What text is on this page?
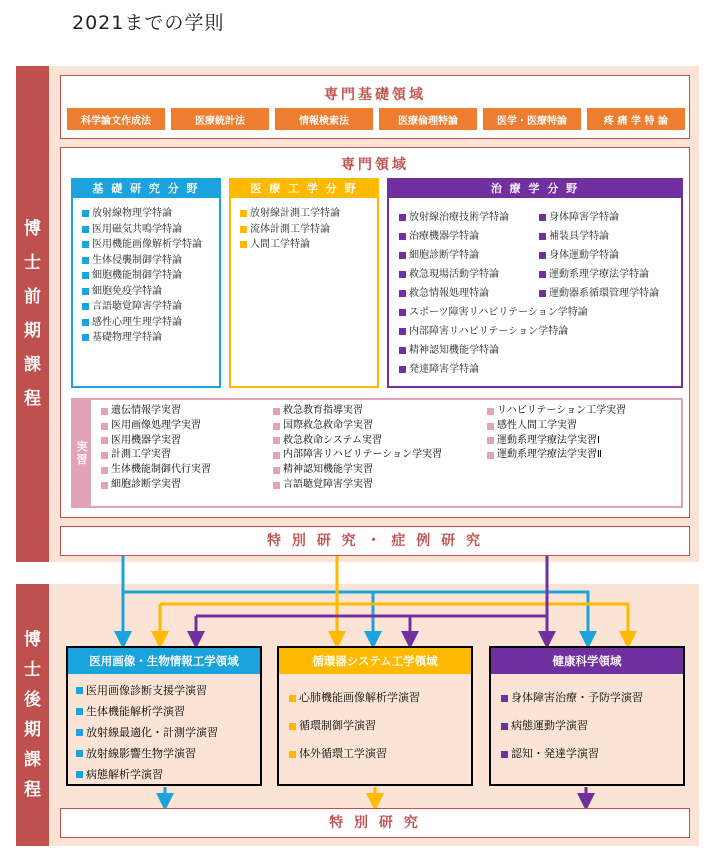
2021までの学則
博
士
前
期
課
程
専門基礎領域
科学論文作成法	医療統計法	情報検索法	医療倫理特論	医学・医療特論	疼 痛 学 特 論
専門領域
基 礎 研 究 分 野
放射線物理学特論
医用磁気共鳴学特論
医用機能画像解析学特論
生体侵襲制御学特論
細胞機能制御学特論
細胞免疫学特論
言語聴覚障害学特論
感性心理生理学特論
基礎物理学特論
医 療 工 学 分 野
放射線計測工学特論
流体計測工学特論
人間工学特論
治 療 学 分 野
放射線治療技術学特論
治療機器学特論
細胞診断学特論
救急現場活動学特論
救急情報処理特論
身体障害学特論
補装具学特論
身体運動学特論
運動系理学療法学特論
運動器系循環管理学特論
スポーツ障害リハビリテーション学特論
内部障害リハビリテーション学特論
精神認知機能学特論
発達障害学特論
実
習
遺伝情報学実習
医用画像処理学実習
医用機器学実習
計測工学実習
生体機能制御代行実習
細胞診断学実習
救急教育指導実習
国際救急救命学実習
救急救命システム実習
内部障害リハビリテーション学実習
精神認知機能学実習
言語聴覚障害学実習
リハビリテーション工学実習
感性人間工学実習
運動系理学療法学実習Ⅰ
運動系理学療法学実習Ⅱ
特 別 研 究 ・ 症 例 研 究
博
士
後
期
課
程
医用画像・生物情報工学領域
医用画像診断支援学演習
生体機能解析学演習
放射線最適化・計測学演習
放射線影響生物学演習
病態解析学演習
循環器システム工学領域
心肺機能画像解析学演習
循環制御学演習
体外循環工学演習
健康科学領域
身体障害治療・予防学演習
病態運動学演習
認知・発達学演習
特 別 研 究
